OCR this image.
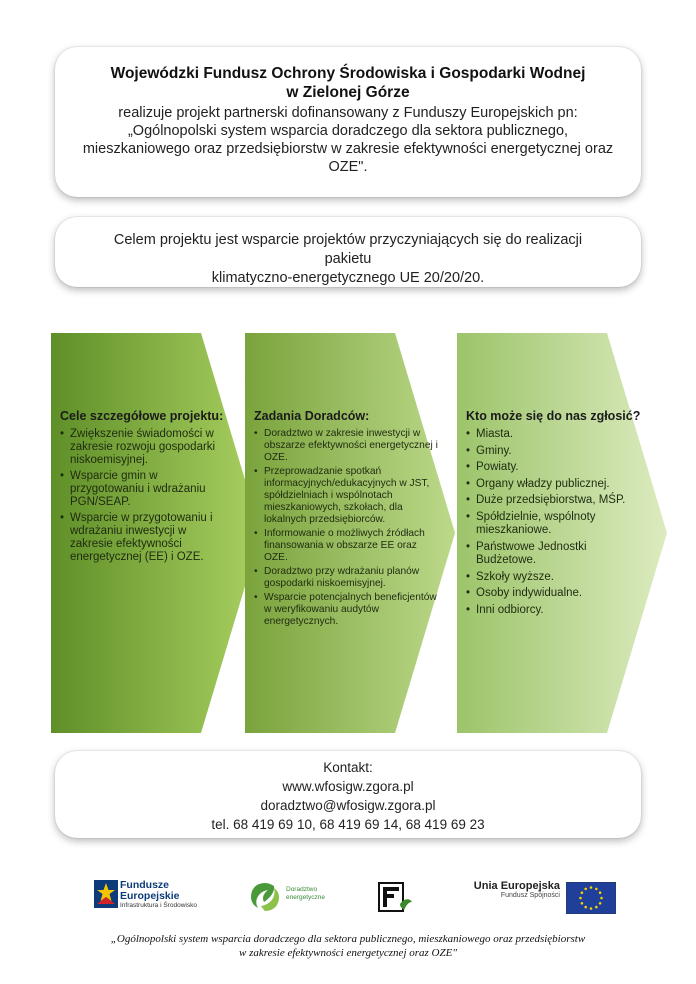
Wojewódzki Fundusz Ochrony Środowiska i Gospodarki Wodnej
w Zielonej Górze
realizuje projekt partnerski dofinansowany z Funduszy Europejskich pn:
„Ogólnopolski system wsparcia doradczego dla sektora publicznego,
mieszkaniowego oraz przedsiębiorstw w zakresie efektywności energetycznej oraz
OZE".
Celem projektu jest wsparcie projektów przyczyniających się do realizacji pakietu
klimatyczno-energetycznego UE 20/20/20.
Cele szczegółowe projektu:
• Zwiększenie świadomości w zakresie rozwoju gospodarki niskoemisyjnej.
• Wsparcie gmin w przygotowaniu i wdrażaniu PGN/SEAP.
• Wsparcie w przygotowaniu i wdrażaniu inwestycji w zakresie efektywności energetycznej (EE) i OZE.
Zadania Doradców:
• Doradztwo w zakresie inwestycji w obszarze efektywności energetycznej i OZE.
• Przeprowadzanie spotkań informacyjnych/edukacyjnych w JST, spółdzielniach i wspólnotach mieszkaniowych, szkołach, dla lokalnych przedsiębiorców.
• Informowanie o możliwych źródłach finansowania w obszarze EE oraz OZE.
• Doradztwo przy wdrażaniu planów gospodarki niskoemisyjnej.
• Wsparcie potencjalnych beneficjentów w weryfikowaniu audytów energetycznych.
Kto może się do nas zgłosić?
• Miasta.
• Gminy.
• Powiaty.
• Organy władzy publicznej.
• Duże przedsiębiorstwa, MŚP.
• Spółdzielnie, wspólnoty mieszkaniowe.
• Państwowe Jednostki Budżetowe.
• Szkoły wyższe.
• Osoby indywidualne.
• Inni odbiorcy.
Kontakt:
www.wfosigw.zgora.pl
doradztwo@wfosigw.zgora.pl
tel. 68 419 69 10, 68 419 69 14, 68 419 69 23
Fundusze
Europejskie
Infrastruktura i Środowisko
Doradztwo
energetyczne
Unia Europejska
Fundusz Spójności
„Ogólnopolski system wsparcia doradczego dla sektora publicznego, mieszkaniowego oraz przedsiębiorstw
w zakresie efektywności energetycznej oraz OZE"
